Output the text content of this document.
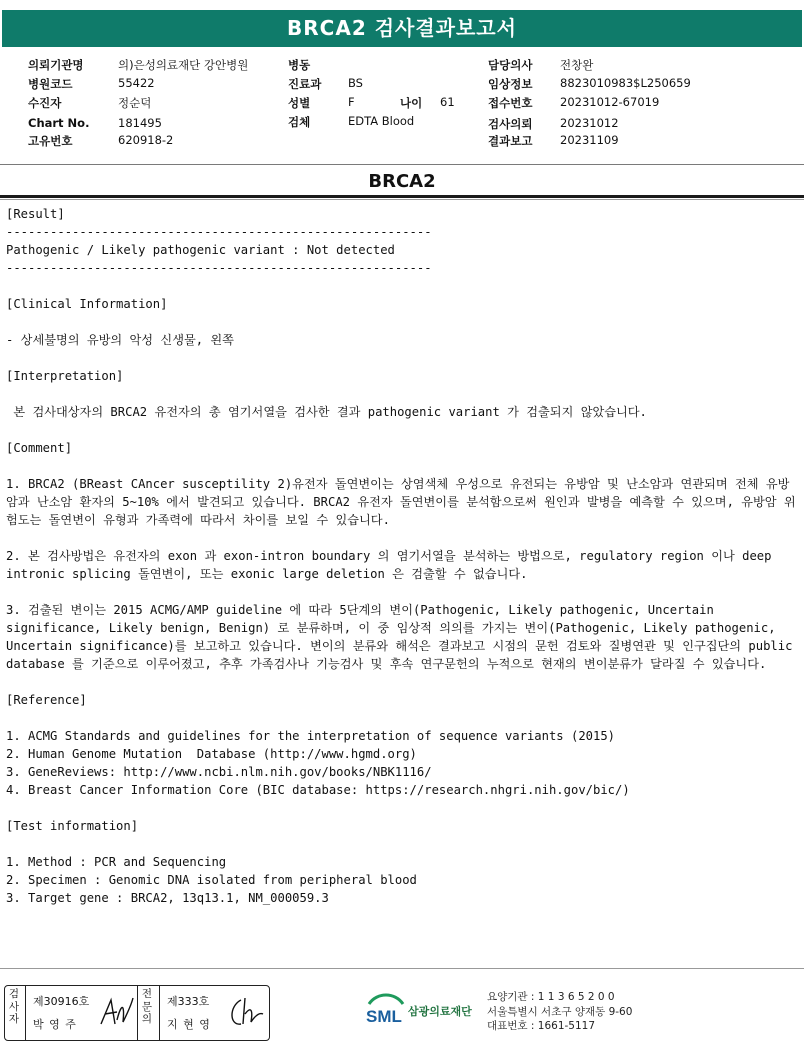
BRCA2 검사결과보고서
의뢰기관명	의)은성의료재단 강안병원
병원코드	55422
수진자	정순덕
Chart No. 181495
고유번호	620918-2
병동
진료과 BS
성별	F	나이 61
검체	EDTA Blood
담당의사 전창완
임상정보 8823010983$L250659
접수번호 20231012-67019
검사의뢰 20231012
결과보고 20231109
BRCA2

[Result]

----------------------------------------------------------

Pathogenic / Likely pathogenic variant : Not detected

----------------------------------------------------------

[Clinical Information]

- 상세불명의 유방의 악성 신생물, 왼쪽

[Interpretation]

본 검사대상자의 BRCA2 유전자의 총 염기서열을 검사한 결과 pathogenic variant 가 검출되지 않았습니다.

[Comment]

1. BRCA2 (BReast CAncer susceptility 2)유전자 돌연변이는 상염색체 우성으로 유전되는 유방암 및 난소암과 연관되며 전체 유방암과 난소암 환자의 5~10% 에서 발견되고 있습니다. BRCA2 유전자 돌연변이를 분석함으로써 원인과 발병을 예측할 수 있으며, 유방암 위험도는 돌연변이 유형과 가족력에 따라서 차이를 보일 수 있습니다.

2. 본 검사방법은 유전자의 exon 과 exon-intron boundary 의 염기서열을 분석하는 방법으로, regulatory region 이나 deep intronic splicing 돌연변이, 또는 exonic large deletion 은 검출할 수 없습니다.

3. 검출된 변이는 2015 ACMG/AMP guideline 에 따라 5단계의 변이(Pathogenic, Likely pathogenic, Uncertain significance, Likely benign, Benign) 로 분류하며, 이 중 임상적 의의를 가지는 변이(Pathogenic, Likely pathogenic, Uncertain significance)를 보고하고 있습니다. 변이의 분류와 해석은 결과보고 시점의 문헌 검토와 질병연관 및 인구집단의 public database 를 기준으로 이루어졌고, 추후 가족검사나 기능검사 및 후속 연구문헌의 누적으로 현재의 변이분류가 달라질 수 있습니다.

[Reference]

1. ACMG Standards and guidelines for the interpretation of sequence variants (2015)

2. Human Genome Mutation  Database (http://www.hgmd.org)

3. GeneReviews: http://www.ncbi.nlm.nih.gov/books/NBK1116/

4. Breast Cancer Information Core (BIC database: https://research.nhgri.nih.gov/bic/)

[Test information]

1. Method : PCR and Sequencing

2. Specimen : Genomic DNA isolated from peripheral blood

3. Target gene : BRCA2, 13q13.1, NM_000059.3

검
사
자
제30916호
박 영 주
전
문
의
제333호
지 현 영	SML 삼광의료재단
요양기관 : 1 1 3 6 5 2 0 0
서울특별시 서초구 양재동 9-60
대표번호 : 1661-5117
